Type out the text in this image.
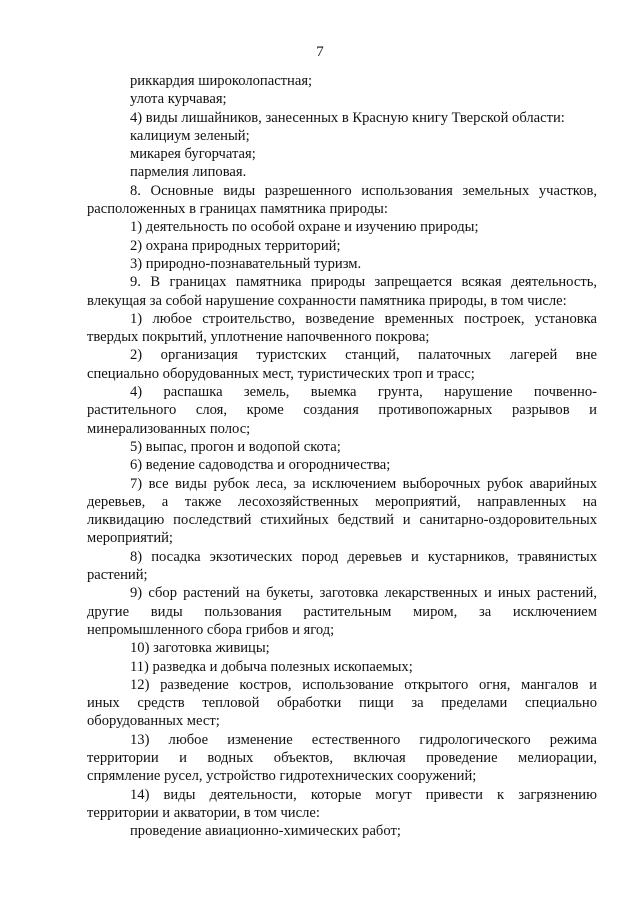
7
риккардия широколопастная;
улота курчавая;
4) виды лишайников, занесенных в Красную книгу Тверской области:
калициум зеленый;
микарея бугорчатая;
пармелия липовая.
8. Основные виды разрешенного использования земельных участков,
расположенных в границах памятника природы:
1) деятельность по особой охране и изучению природы;
2) охрана природных территорий;
3) природно-познавательный туризм.
9. В границах памятника природы запрещается всякая деятельность,
влекущая за собой нарушение сохранности памятника природы, в том числе:
1) любое строительство, возведение временных построек, установка
твердых покрытий, уплотнение напочвенного покрова;
2) организация туристских станций, палаточных лагерей вне
специально оборудованных мест, туристических троп и трасс;
4) распашка земель, выемка грунта, нарушение почвенно-
растительного слоя, кроме создания противопожарных разрывов и
минерализованных полос;
5) выпас, прогон и водопой скота;
6) ведение садоводства и огородничества;
7) все виды рубок леса, за исключением выборочных рубок аварийных
деревьев, а также лесохозяйственных мероприятий, направленных на
ликвидацию последствий стихийных бедствий и санитарно-оздоровительных
мероприятий;
8) посадка экзотических пород деревьев и кустарников, травянистых
растений;
9) сбор растений на букеты, заготовка лекарственных и иных растений,
другие виды пользования растительным миром, за исключением
непромышленного сбора грибов и ягод;
10) заготовка живицы;
11) разведка и добыча полезных ископаемых;
12) разведение костров, использование открытого огня, мангалов и
иных средств тепловой обработки пищи за пределами специально
оборудованных мест;
13) любое изменение естественного гидрологического режима
территории и водных объектов, включая проведение мелиорации,
спрямление русел, устройство гидротехнических сооружений;
14) виды деятельности, которые могут привести к загрязнению
территории и акватории, в том числе:
проведение авиационно-химических работ;
